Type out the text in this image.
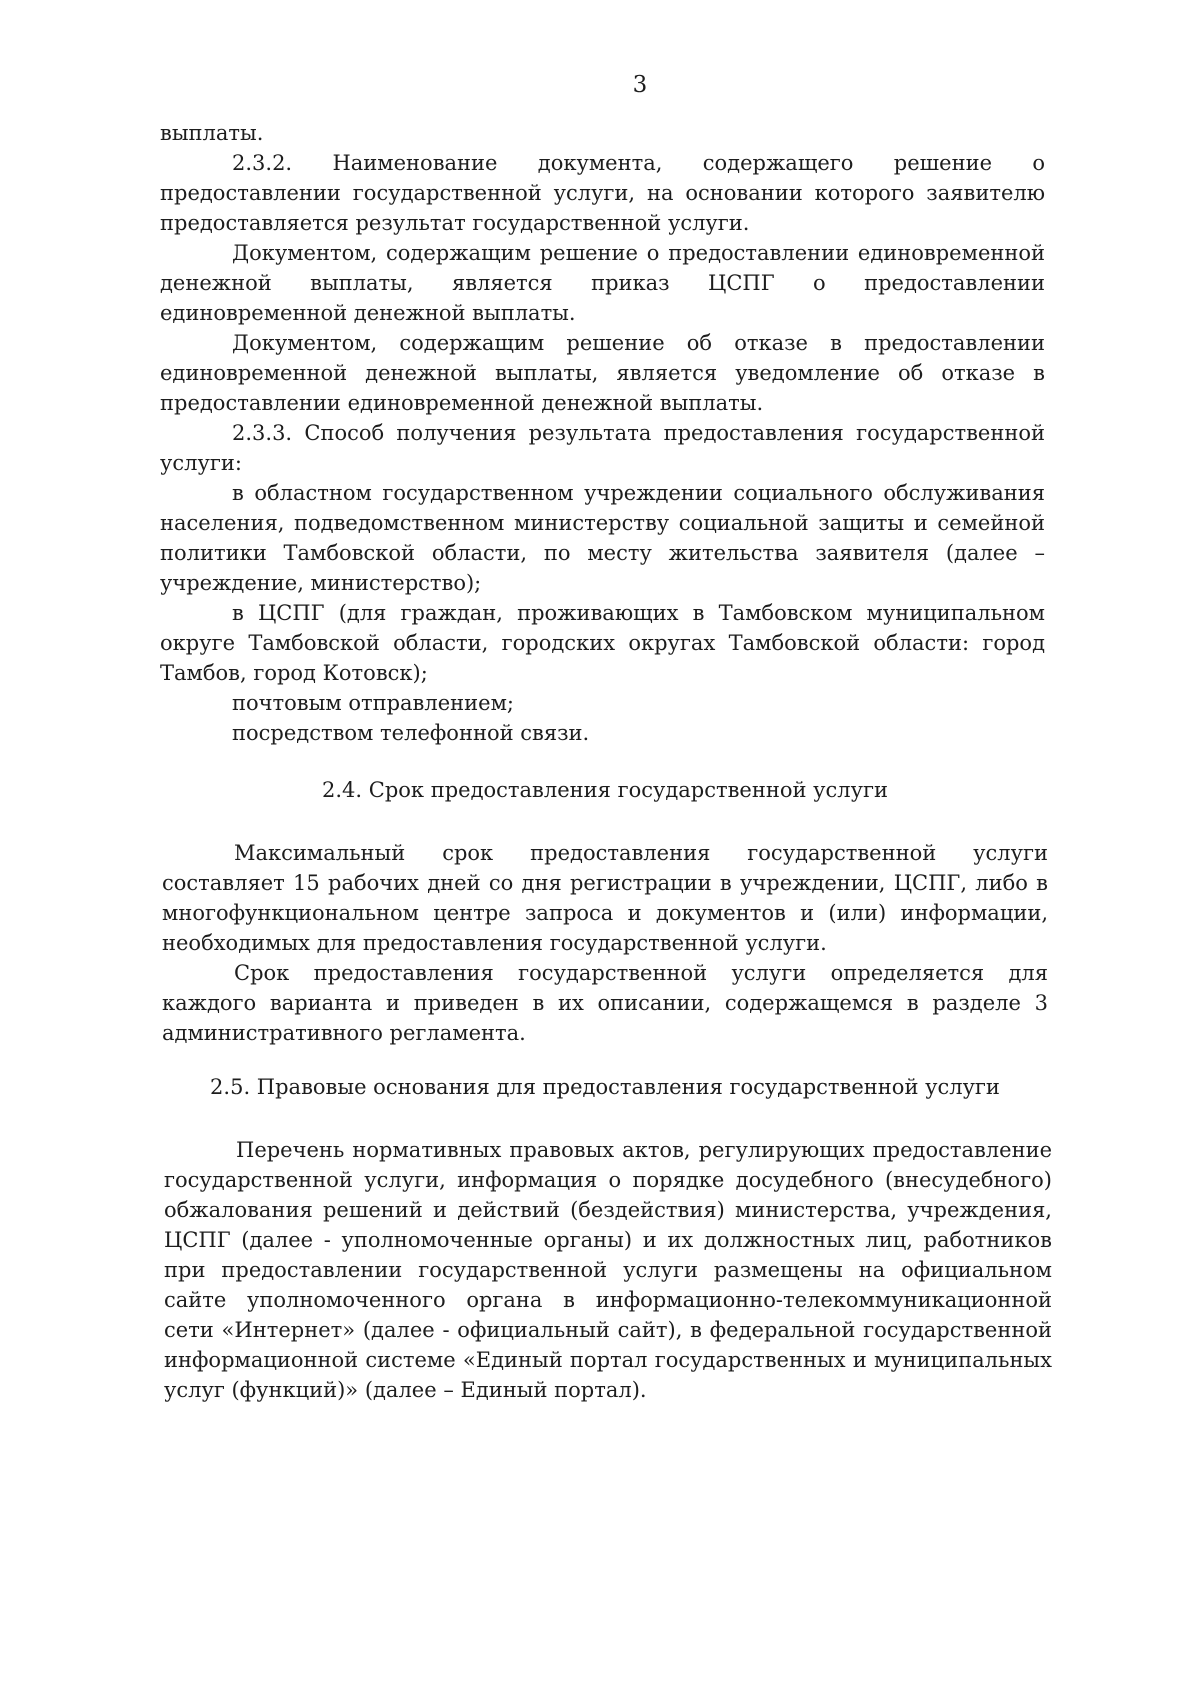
3

выплаты.

2.3.2. Наименование документа, содержащего решение о предоставлении государственной услуги, на основании которого заявителю предоставляется результат государственной услуги.

Документом, содержащим решение о предоставлении единовременной денежной выплаты, является приказ ЦСПГ о предоставлении единовременной денежной выплаты.

Документом, содержащим решение об отказе в предоставлении единовременной денежной выплаты, является уведомление об отказе в предоставлении единовременной денежной выплаты.

2.3.3. Способ получения результата предоставления государственной услуги:

в областном государственном учреждении социального обслуживания населения, подведомственном министерству социальной защиты и семейной политики Тамбовской области, по месту жительства заявителя (далее – учреждение, министерство);

в ЦСПГ (для граждан, проживающих в Тамбовском муниципальном округе Тамбовской области, городских округах Тамбовской области: город Тамбов, город Котовск);

почтовым отправлением;

посредством телефонной связи.

2.4. Срок предоставления государственной услуги

Максимальный срок предоставления государственной услуги составляет 15 рабочих дней со дня регистрации в учреждении, ЦСПГ, либо в многофункциональном центре запроса и документов и (или) информации, необходимых для предоставления государственной услуги.

Срок предоставления государственной услуги определяется для каждого варианта и приведен в их описании, содержащемся в разделе 3 административного регламента.

2.5. Правовые основания для предоставления государственной услуги

Перечень нормативных правовых актов, регулирующих предоставление государственной услуги, информация о порядке досудебного (внесудебного) обжалования решений и действий (бездействия) министерства, учреждения, ЦСПГ (далее - уполномоченные органы) и их должностных лиц, работников при предоставлении государственной услуги размещены на официальном сайте уполномоченного органа в информационно-телекоммуникационной сети «Интернет» (далее - официальный сайт), в федеральной государственной информационной системе «Единый портал государственных и муниципальных услуг (функций)» (далее – Единый портал).
